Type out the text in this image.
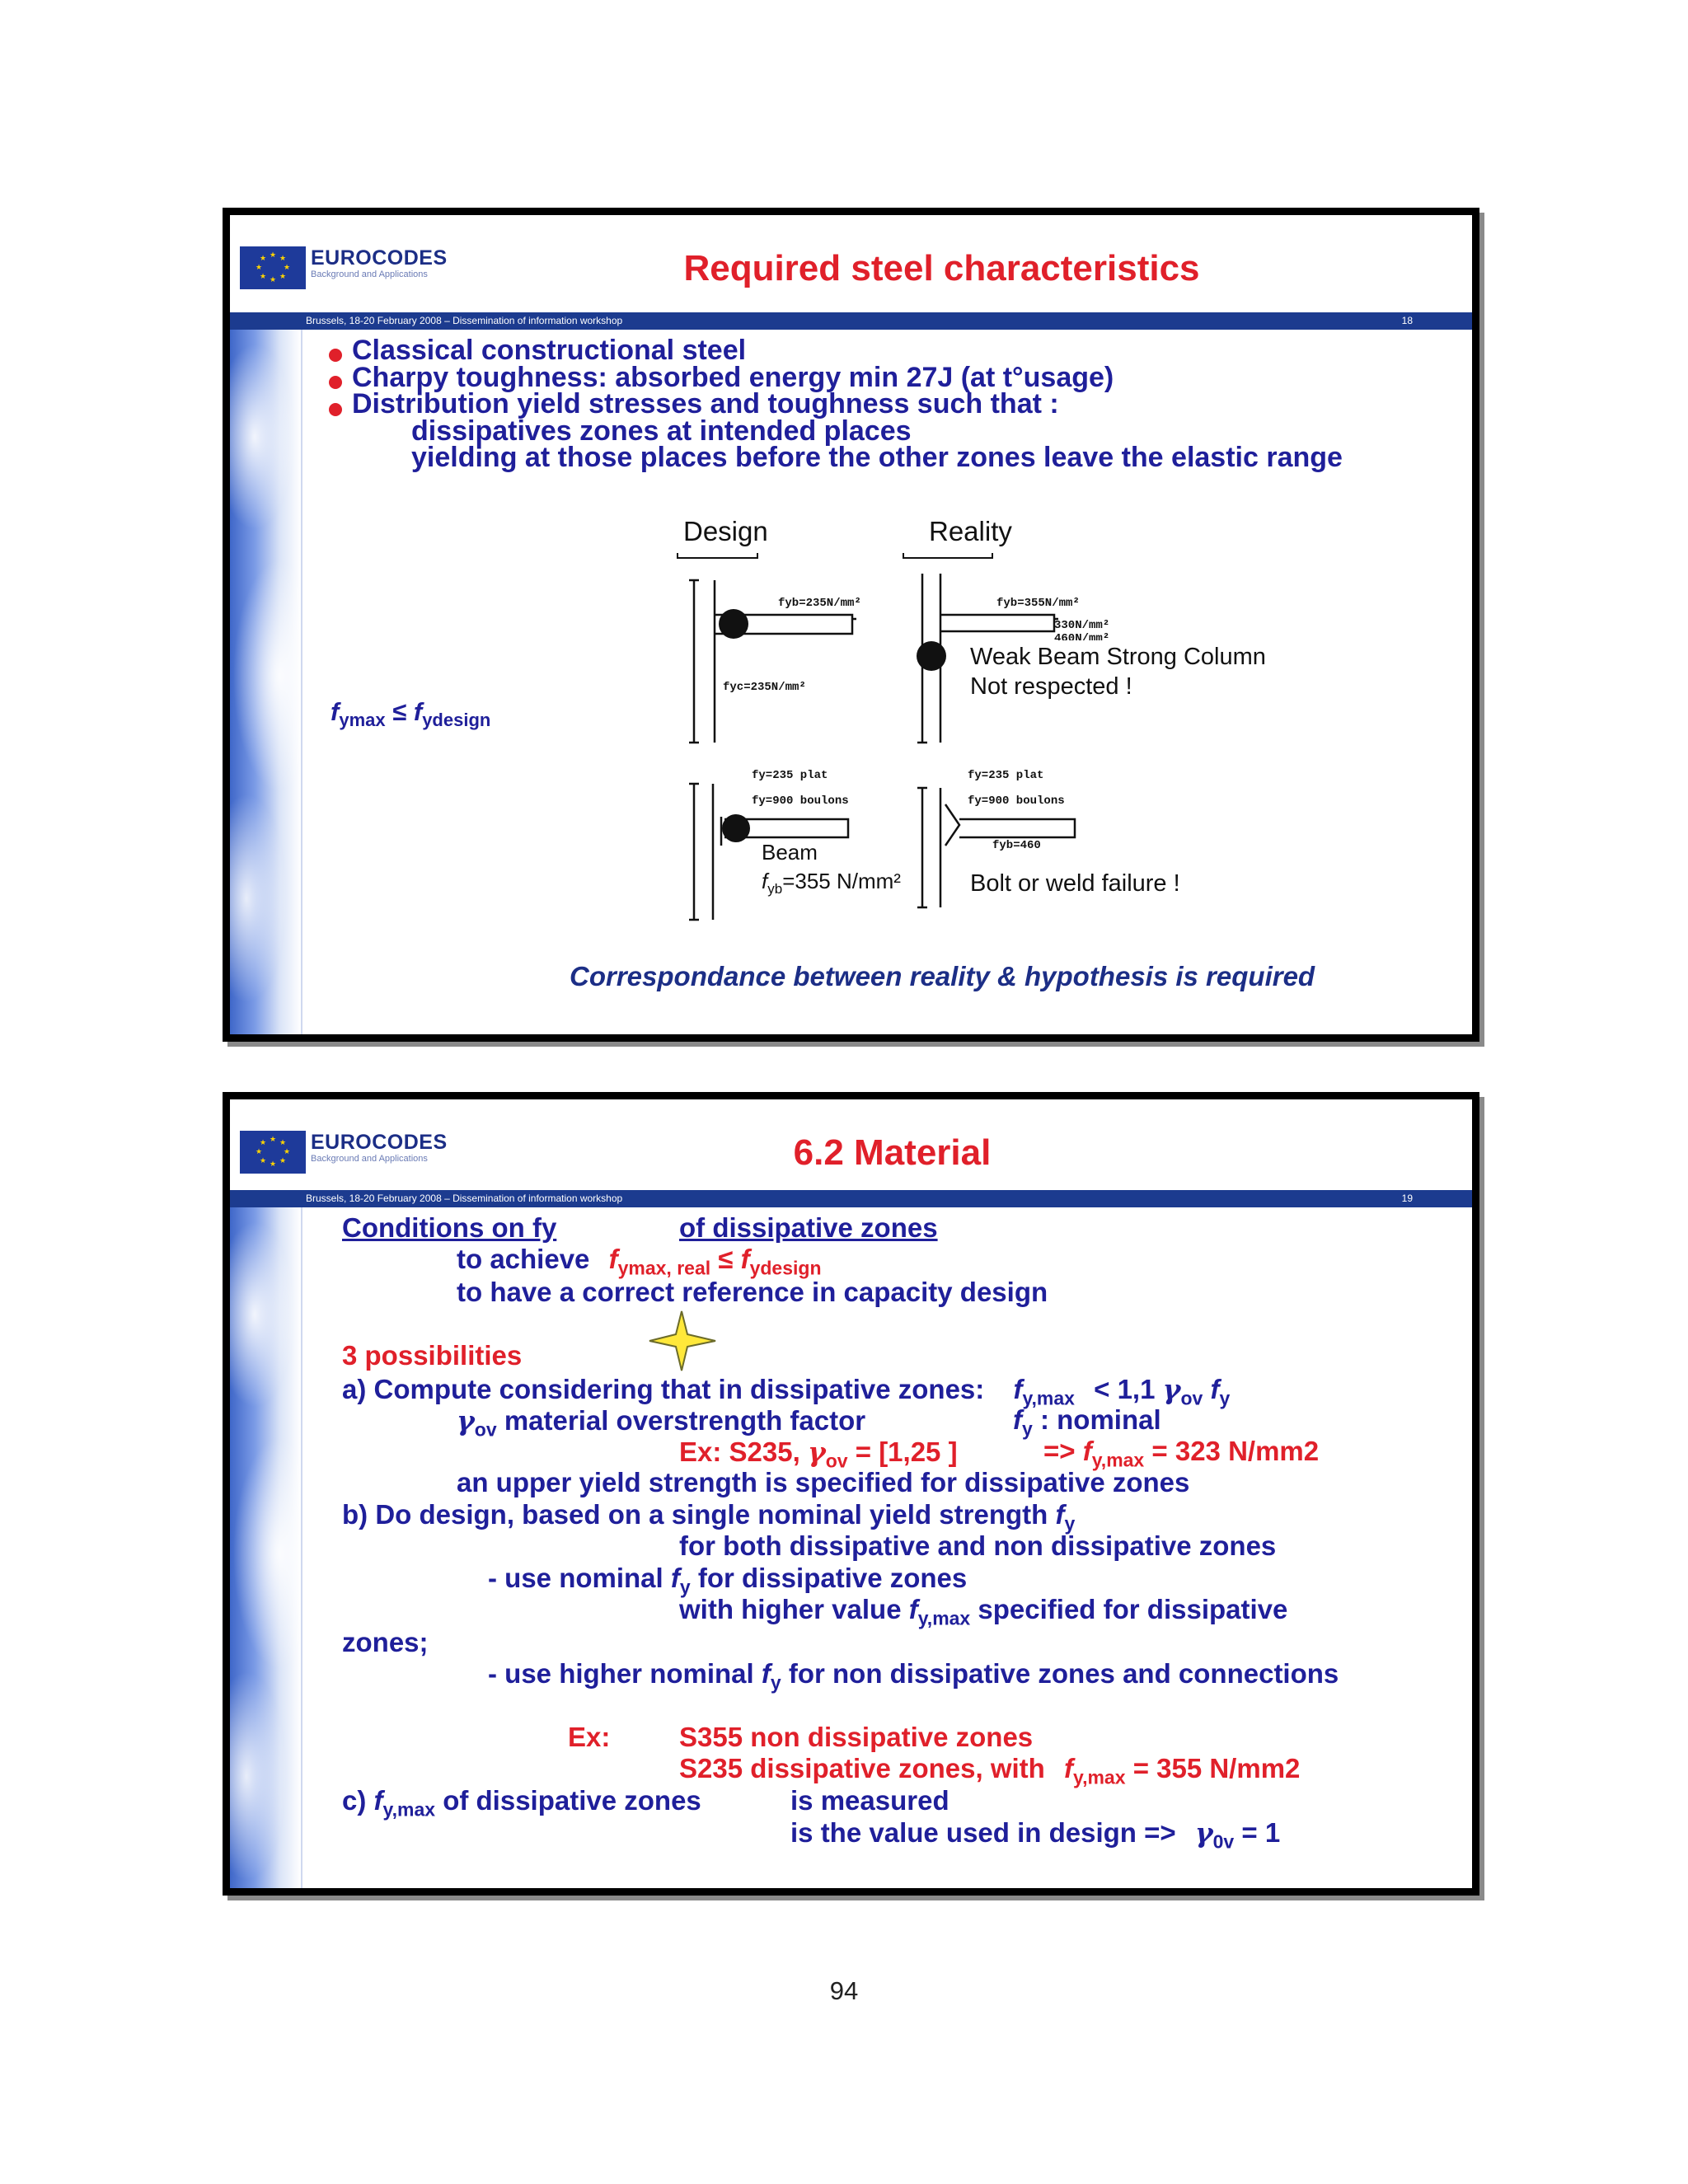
★ ★
★
★
★
★
★
★ EUROCODES
Background and Applications	Required steel characteristics
Brussels, 18-20 February 2008 – Dissemination of information workshop	18
Classical constructional steel
Charpy toughness: absorbed energy min 27J (at t°usage)
Distribution yield stresses and toughness such that :
dissipatives zones at intended places
yielding at those places before the other zones leave the elastic range
$f_{ymax} \le f_{ydesign}$
Design	Reality
fyb=235N/mm²
fyc=235N/mm²
fyb=355N/mm²
330N/mm²
460N/mm²
Weak Beam Strong Column
Not respected !
fy=235 plat
fy=900 boulons
Beam
$f_{yb}=355$ N/mm²
fy=235 plat
fy=900 boulons
fyb=460
Bolt or weld failure !
Correspondance between reality & hypothesis is required
★ ★
★
★
★
★
★
★ EUROCODES
Background and Applications	6.2 Material
Brussels, 18-20 February 2008 – Dissemination of information workshop	19
Conditions on fy	of dissipative zones
to achieve $f_{ymax, real} \le f_{ydesign}$
to have a correct reference in capacity design
3 possibilities
a) Compute considering that in dissipative zones: $f_{y,max} < 1,1$ $\gamma_{ov}$ $f_y$
$\gamma_{ov}$ material overstrength factor	$f_y$ : nominal
Ex: S235, $\gamma_{ov} = [1,25$ ]	=> $f_{y,max} = 323$ N/mm2
an upper yield strength is specified for dissipative zones
b) Do design, based on a single nominal yield strength $f_y$
for both dissipative and non dissipative zones
- use nominal $f_y$ for dissipative zones
with higher value $f_{y,max}$ specified for dissipative
zones;
- use higher nominal $f_y$ for non dissipative zones and connections
Ex:	S355 non dissipative zones
S235 dissipative zones, with $f_{y,max} = 355$ N/mm2
c) $f_{y,max}$ of dissipative zones	is measured
is the value used in design => $\gamma_{0v} = 1$
94
